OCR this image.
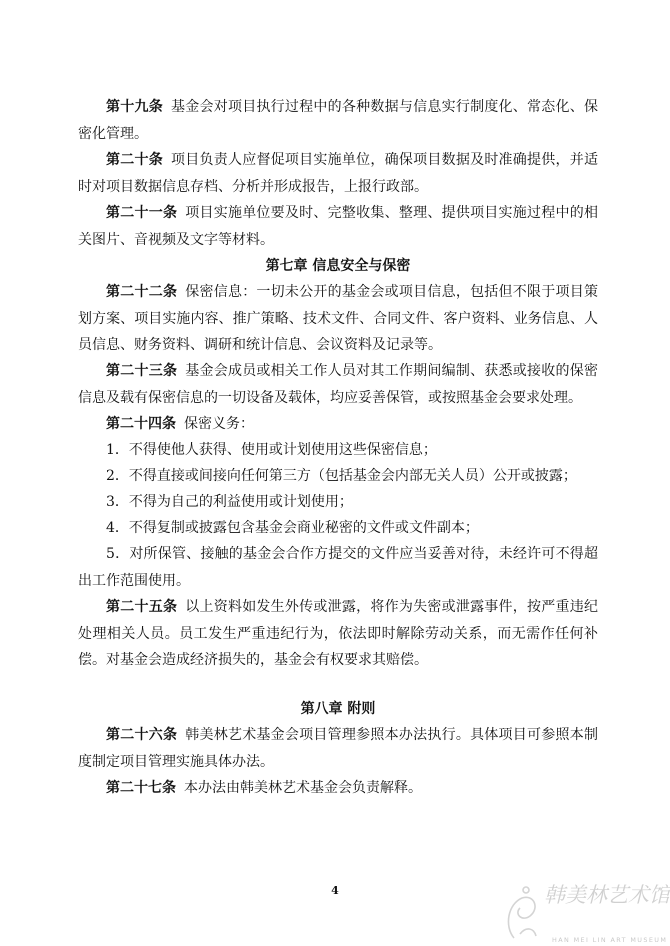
第十九条 基金会对项目执行过程中的各种数据与信息实行制度化、常态化、保密化管理。

第二十条 项目负责人应督促项目实施单位，确保项目数据及时准确提供，并适时对项目数据信息存档、分析并形成报告，上报行政部。

第二十一条 项目实施单位要及时、完整收集、整理、提供项目实施过程中的相关图片、音视频及文字等材料。

第七章 信息安全与保密

第二十二条 保密信息：一切未公开的基金会或项目信息，包括但不限于项目策划方案、项目实施内容、推广策略、技术文件、合同文件、客户资料、业务信息、人员信息、财务资料、调研和统计信息、会议资料及记录等。

第二十三条 基金会成员或相关工作人员对其工作期间编制、获悉或接收的保密信息及载有保密信息的一切设备及载体，均应妥善保管，或按照基金会要求处理。

第二十四条 保密义务：

1．不得使他人获得、使用或计划使用这些保密信息；

2．不得直接或间接向任何第三方（包括基金会内部无关人员）公开或披露；

3．不得为自己的利益使用或计划使用；

4．不得复制或披露包含基金会商业秘密的文件或文件副本；

5．对所保管、接触的基金会合作方提交的文件应当妥善对待，未经许可不得超出工作范围使用。

第二十五条 以上资料如发生外传或泄露，将作为失密或泄露事件，按严重违纪 处理相关人员。员工发生严重违纪行为，依法即时解除劳动关系，而无需作任何补偿。对基金会造成经济损失的，基金会有权要求其赔偿。

第八章 附则

第二十六条 韩美林艺术基金会项目管理参照本办法执行。具体项目可参照本制度制定项目管理实施具体办法。

第二十七条 本办法由韩美林艺术基金会负责解释。

4	韩美林艺术馆
HAN MEI LIN ART MUSEUM
